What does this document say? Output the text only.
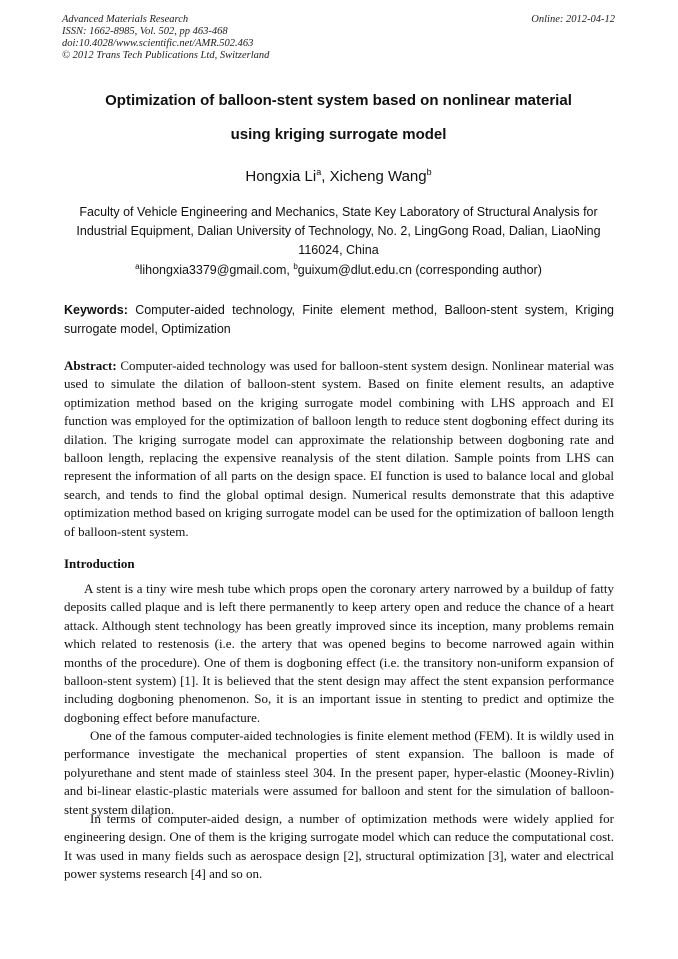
Advanced Materials Research
ISSN: 1662-8985, Vol. 502, pp 463-468
doi:10.4028/www.scientific.net/AMR.502.463
© 2012 Trans Tech Publications Ltd, Switzerland
Online: 2012-04-12
Optimization of balloon-stent system based on nonlinear material
using kriging surrogate model
Hongxia Li$^a$, Xicheng Wang$^b$
Faculty of Vehicle Engineering and Mechanics, State Key Laboratory of Structural Analysis for Industrial Equipment, Dalian University of Technology, No. 2, LingGong Road, Dalian, LiaoNing 116024, China
$^a$lihongxia3379@gmail.com, $^b$guixum@dlut.edu.cn (corresponding author)
Keywords: Computer-aided technology, Finite element method, Balloon-stent system, Kriging surrogate model, Optimization

Abstract: Computer-aided technology was used for balloon-stent system design. Nonlinear material was used to simulate the dilation of balloon-stent system. Based on finite element results, an adaptive optimization method based on the kriging surrogate model combining with LHS approach and EI function was employed for the optimization of balloon length to reduce stent dogboning effect during its dilation. The kriging surrogate model can approximate the relationship between dogboning rate and balloon length, replacing the expensive reanalysis of the stent dilation. Sample points from LHS can represent the information of all parts on the design space. EI function is used to balance local and global search, and tends to find the global optimal design. Numerical results demonstrate that this adaptive optimization method based on kriging surrogate model can be used for the optimization of balloon length of balloon-stent system.

Introduction

A stent is a tiny wire mesh tube which props open the coronary artery narrowed by a buildup of fatty deposits called plaque and is left there permanently to keep artery open and reduce the chance of a heart attack. Although stent technology has been greatly improved since its inception, many problems remain which related to restenosis (i.e. the artery that was opened begins to become narrowed again within months of the procedure). One of them is dogboning effect (i.e. the transitory non-uniform expansion of balloon-stent system) [1]. It is believed that the stent design may affect the stent expansion performance including dogboning phenomenon. So, it is an important issue in stenting to predict and optimize the dogboning effect before manufacture.

One of the famous computer-aided technologies is finite element method (FEM). It is wildly used in performance investigate the mechanical properties of stent expansion. The balloon is made of polyurethane and stent made of stainless steel 304. In the present paper, hyper-elastic (Mooney-Rivlin) and bi-linear elastic-plastic materials were assumed for balloon and stent for the simulation of balloon-stent system dilation.

In terms of computer-aided design, a number of optimization methods were widely applied for engineering design. One of them is the kriging surrogate model which can reduce the computational cost. It was used in many fields such as aerospace design [2], structural optimization [3], water and electrical power systems research [4] and so on.
